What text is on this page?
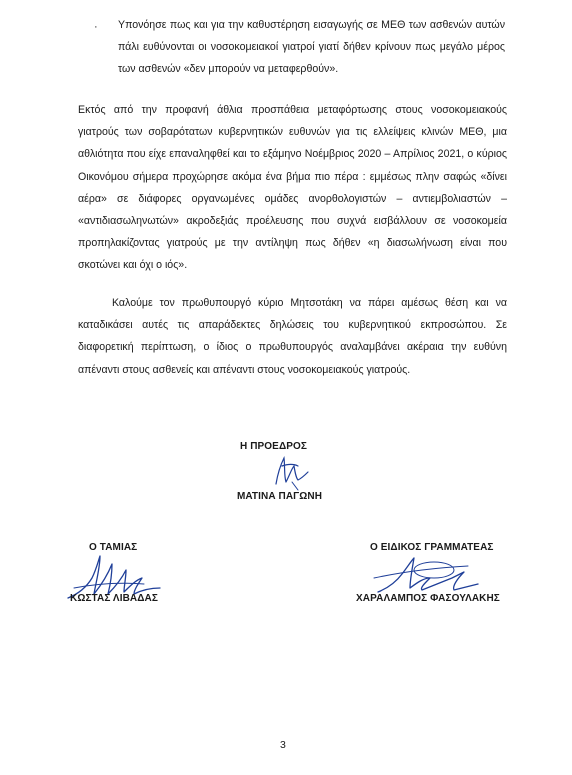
· Υπονόησε πως και για την καθυστέρηση εισαγωγής σε ΜΕΘ των ασθενών αυτών πάλι ευθύνονται οι νοσοκομειακοί γιατροί γιατί δήθεν κρίνουν πως μεγάλο μέρος των ασθενών «δεν μπορούν να μεταφερθούν».

Εκτός από την προφανή άθλια προσπάθεια μεταφόρτωσης στους νοσοκομειακούς γιατρούς των σοβαρότατων κυβερνητικών ευθυνών για τις ελλείψεις κλινών ΜΕΘ, μια αθλιότητα που είχε επαναληφθεί και το εξάμηνο Νοέμβριος 2020 – Απρίλιος 2021, ο κύριος Οικονόμου σήμερα προχώρησε ακόμα ένα βήμα πιο πέρα : εμμέσως πλην σαφώς «δίνει αέρα» σε διάφορες οργανωμένες ομάδες ανορθολογιστών – αντιεμβολιαστών – «αντιδιασωληνωτών» ακροδεξιάς προέλευσης που συχνά εισβάλλουν σε νοσοκομεία προπηλακίζοντας γιατρούς με την αντίληψη πως δήθεν «η διασωλήνωση είναι που σκοτώνει και όχι ο ιός».

Καλούμε τον πρωθυπουργό κύριο Μητσοτάκη να πάρει αμέσως θέση και να καταδικάσει αυτές τις απαράδεκτες δηλώσεις του κυβερνητικού εκπροσώπου. Σε διαφορετική περίπτωση, ο ίδιος ο πρωθυπουργός αναλαμβάνει ακέραια την ευθύνη απέναντι στους ασθενείς και απέναντι στους νοσοκομειακούς γιατρούς.

Η ΠΡΟΕΔΡΟΣ
ΜΑΤΙΝΑ ΠΑΓΩΝΗ
Ο ΤΑΜΙΑΣ
ΚΩΣΤΑΣ ΛΙΒΑΔΑΣ
Ο ΕΙΔΙΚΟΣ ΓΡΑΜΜΑΤΕΑΣ
ΧΑΡΑΛΑΜΠΟΣ ΦΑΣΟΥΛΑΚΗΣ
3
